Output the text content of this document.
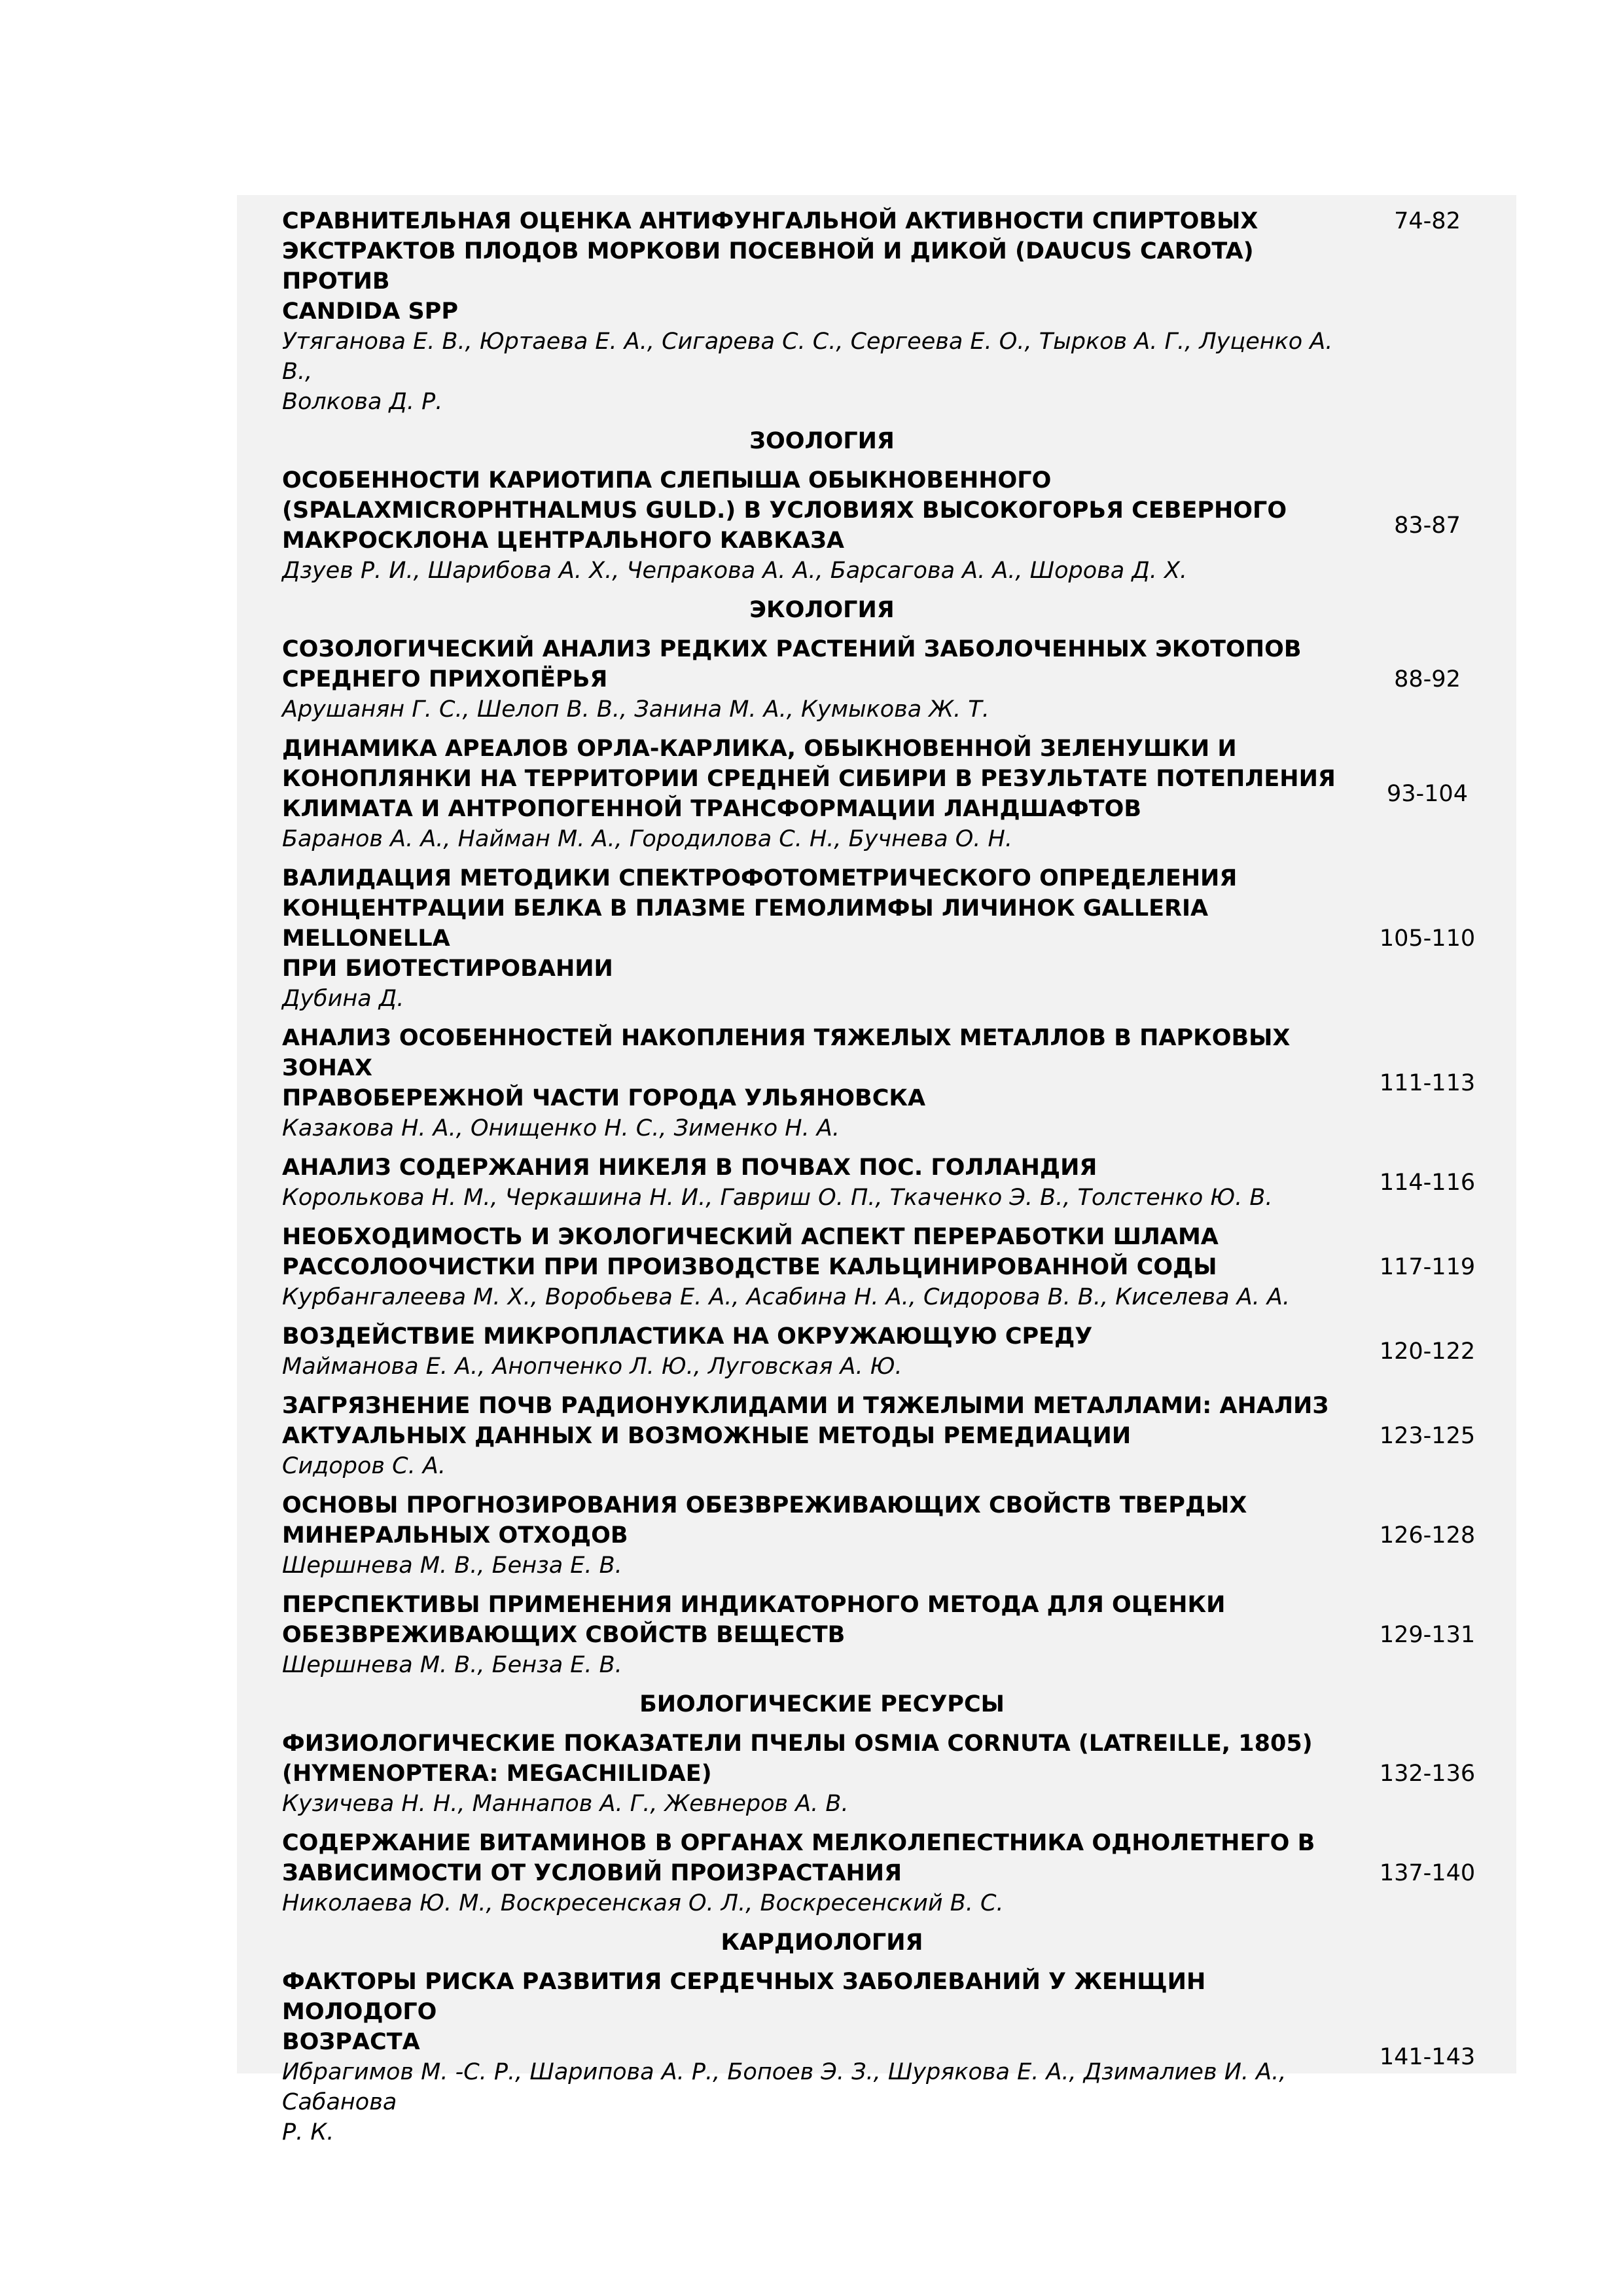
СРАВНИТЕЛЬНАЯ ОЦЕНКА АНТИФУНГАЛЬНОЙ АКТИВНОСТИ СПИРТОВЫХ
ЭКСТРАКТОВ ПЛОДОВ МОРКОВИ ПОСЕВНОЙ И ДИКОЙ (DAUCUS CAROTA) ПРОТИВ
CANDIDA SPP
Утяганова Е. В., Юртаева Е. А., Сигарева С. С., Сергеева Е. О., Тырков А. Г., Луценко А. В.,
Волкова Д. Р.
74-82
ЗООЛОГИЯ
ОСОБЕННОСТИ КАРИОТИПА СЛЕПЫША ОБЫКНОВЕННОГО
(SPALAXMICROPHTHALMUS GULD.) В УСЛОВИЯХ ВЫСОКОГОРЬЯ СЕВЕРНОГО
МАКРОСКЛОНА ЦЕНТРАЛЬНОГО КАВКАЗА
Дзуев Р. И., Шарибова А. Х., Чепракова А. А., Барсагова А. А., Шорова Д. Х.
83-87
ЭКОЛОГИЯ
СОЗОЛОГИЧЕСКИЙ АНАЛИЗ РЕДКИХ РАСТЕНИЙ ЗАБОЛОЧЕННЫХ ЭКОТОПОВ
СРЕДНЕГО ПРИХОПЁРЬЯ
Арушанян Г. С., Шелоп В. В., Занина М. А., Кумыкова Ж. Т.
88-92
ДИНАМИКА АРЕАЛОВ ОРЛА-КАРЛИКА, ОБЫКНОВЕННОЙ ЗЕЛЕНУШКИ И
КОНОПЛЯНКИ НА ТЕРРИТОРИИ СРЕДНЕЙ СИБИРИ В РЕЗУЛЬТАТЕ ПОТЕПЛЕНИЯ
КЛИМАТА И АНТРОПОГЕННОЙ ТРАНСФОРМАЦИИ ЛАНДШАФТОВ
Баранов А. А., Найман М. А., Городилова С. Н., Бучнева О. Н.
93-104
ВАЛИДАЦИЯ МЕТОДИКИ СПЕКТРОФОТОМЕТРИЧЕСКОГО ОПРЕДЕЛЕНИЯ
КОНЦЕНТРАЦИИ БЕЛКА В ПЛАЗМЕ ГЕМОЛИМФЫ ЛИЧИНОК GALLERIA MELLONELLA
ПРИ БИОТЕСТИРОВАНИИ
Дубина Д.
105-110
АНАЛИЗ ОСОБЕННОСТЕЙ НАКОПЛЕНИЯ ТЯЖЕЛЫХ МЕТАЛЛОВ В ПАРКОВЫХ ЗОНАХ
ПРАВОБЕРЕЖНОЙ ЧАСТИ ГОРОДА УЛЬЯНОВСКА
Казакова Н. А., Онищенко Н. С., Зименко Н. А.
111-113
АНАЛИЗ СОДЕРЖАНИЯ НИКЕЛЯ В ПОЧВАХ ПОС. ГОЛЛАНДИЯ
Королькова Н. М., Черкашина Н. И., Гавриш О. П., Ткаченко Э. В., Толстенко Ю. В.
114-116
НЕОБХОДИМОСТЬ И ЭКОЛОГИЧЕСКИЙ АСПЕКТ ПЕРЕРАБОТКИ ШЛАМА
РАССОЛООЧИСТКИ ПРИ ПРОИЗВОДСТВЕ КАЛЬЦИНИРОВАННОЙ СОДЫ
Курбангалеева М. Х., Воробьева Е. А., Асабина Н. А., Сидорова В. В., Киселева А. А.
117-119
ВОЗДЕЙСТВИЕ МИКРОПЛАСТИКА НА ОКРУЖАЮЩУЮ СРЕДУ
Майманова Е. А., Анопченко Л. Ю., Луговская А. Ю.
120-122
ЗАГРЯЗНЕНИЕ ПОЧВ РАДИОНУКЛИДАМИ И ТЯЖЕЛЫМИ МЕТАЛЛАМИ: АНАЛИЗ
АКТУАЛЬНЫХ ДАННЫХ И ВОЗМОЖНЫЕ МЕТОДЫ РЕМЕДИАЦИИ
Сидоров С. А.
123-125
ОСНОВЫ ПРОГНОЗИРОВАНИЯ ОБЕЗВРЕЖИВАЮЩИХ СВОЙСТВ ТВЕРДЫХ
МИНЕРАЛЬНЫХ ОТХОДОВ
Шершнева М. В., Бенза Е. В.
126-128
ПЕРСПЕКТИВЫ ПРИМЕНЕНИЯ ИНДИКАТОРНОГО МЕТОДА ДЛЯ ОЦЕНКИ
ОБЕЗВРЕЖИВАЮЩИХ СВОЙСТВ ВЕЩЕСТВ
Шершнева М. В., Бенза Е. В.
129-131
БИОЛОГИЧЕСКИЕ РЕСУРСЫ
ФИЗИОЛОГИЧЕСКИЕ ПОКАЗАТЕЛИ ПЧЕЛЫ OSMIA CORNUTA (LATREILLE, 1805)
(HYMENOPTERA: MEGACHILIDAE)
Кузичева Н. Н., Маннапов А. Г., Жевнеров А. В.
132-136
СОДЕРЖАНИЕ ВИТАМИНОВ В ОРГАНАХ МЕЛКОЛЕПЕСТНИКА ОДНОЛЕТНЕГО В
ЗАВИСИМОСТИ ОТ УСЛОВИЙ ПРОИЗРАСТАНИЯ
Николаева Ю. М., Воскресенская О. Л., Воскресенский В. С.
137-140
КАРДИОЛОГИЯ
ФАКТОРЫ РИСКА РАЗВИТИЯ СЕРДЕЧНЫХ ЗАБОЛЕВАНИЙ У ЖЕНЩИН МОЛОДОГО
ВОЗРАСТА
Ибрагимов М. -С. Р., Шарипова А. Р., Бопоев Э. З., Шурякова Е. А., Дзималиев И. А., Сабанова
Р. К.
141-143
